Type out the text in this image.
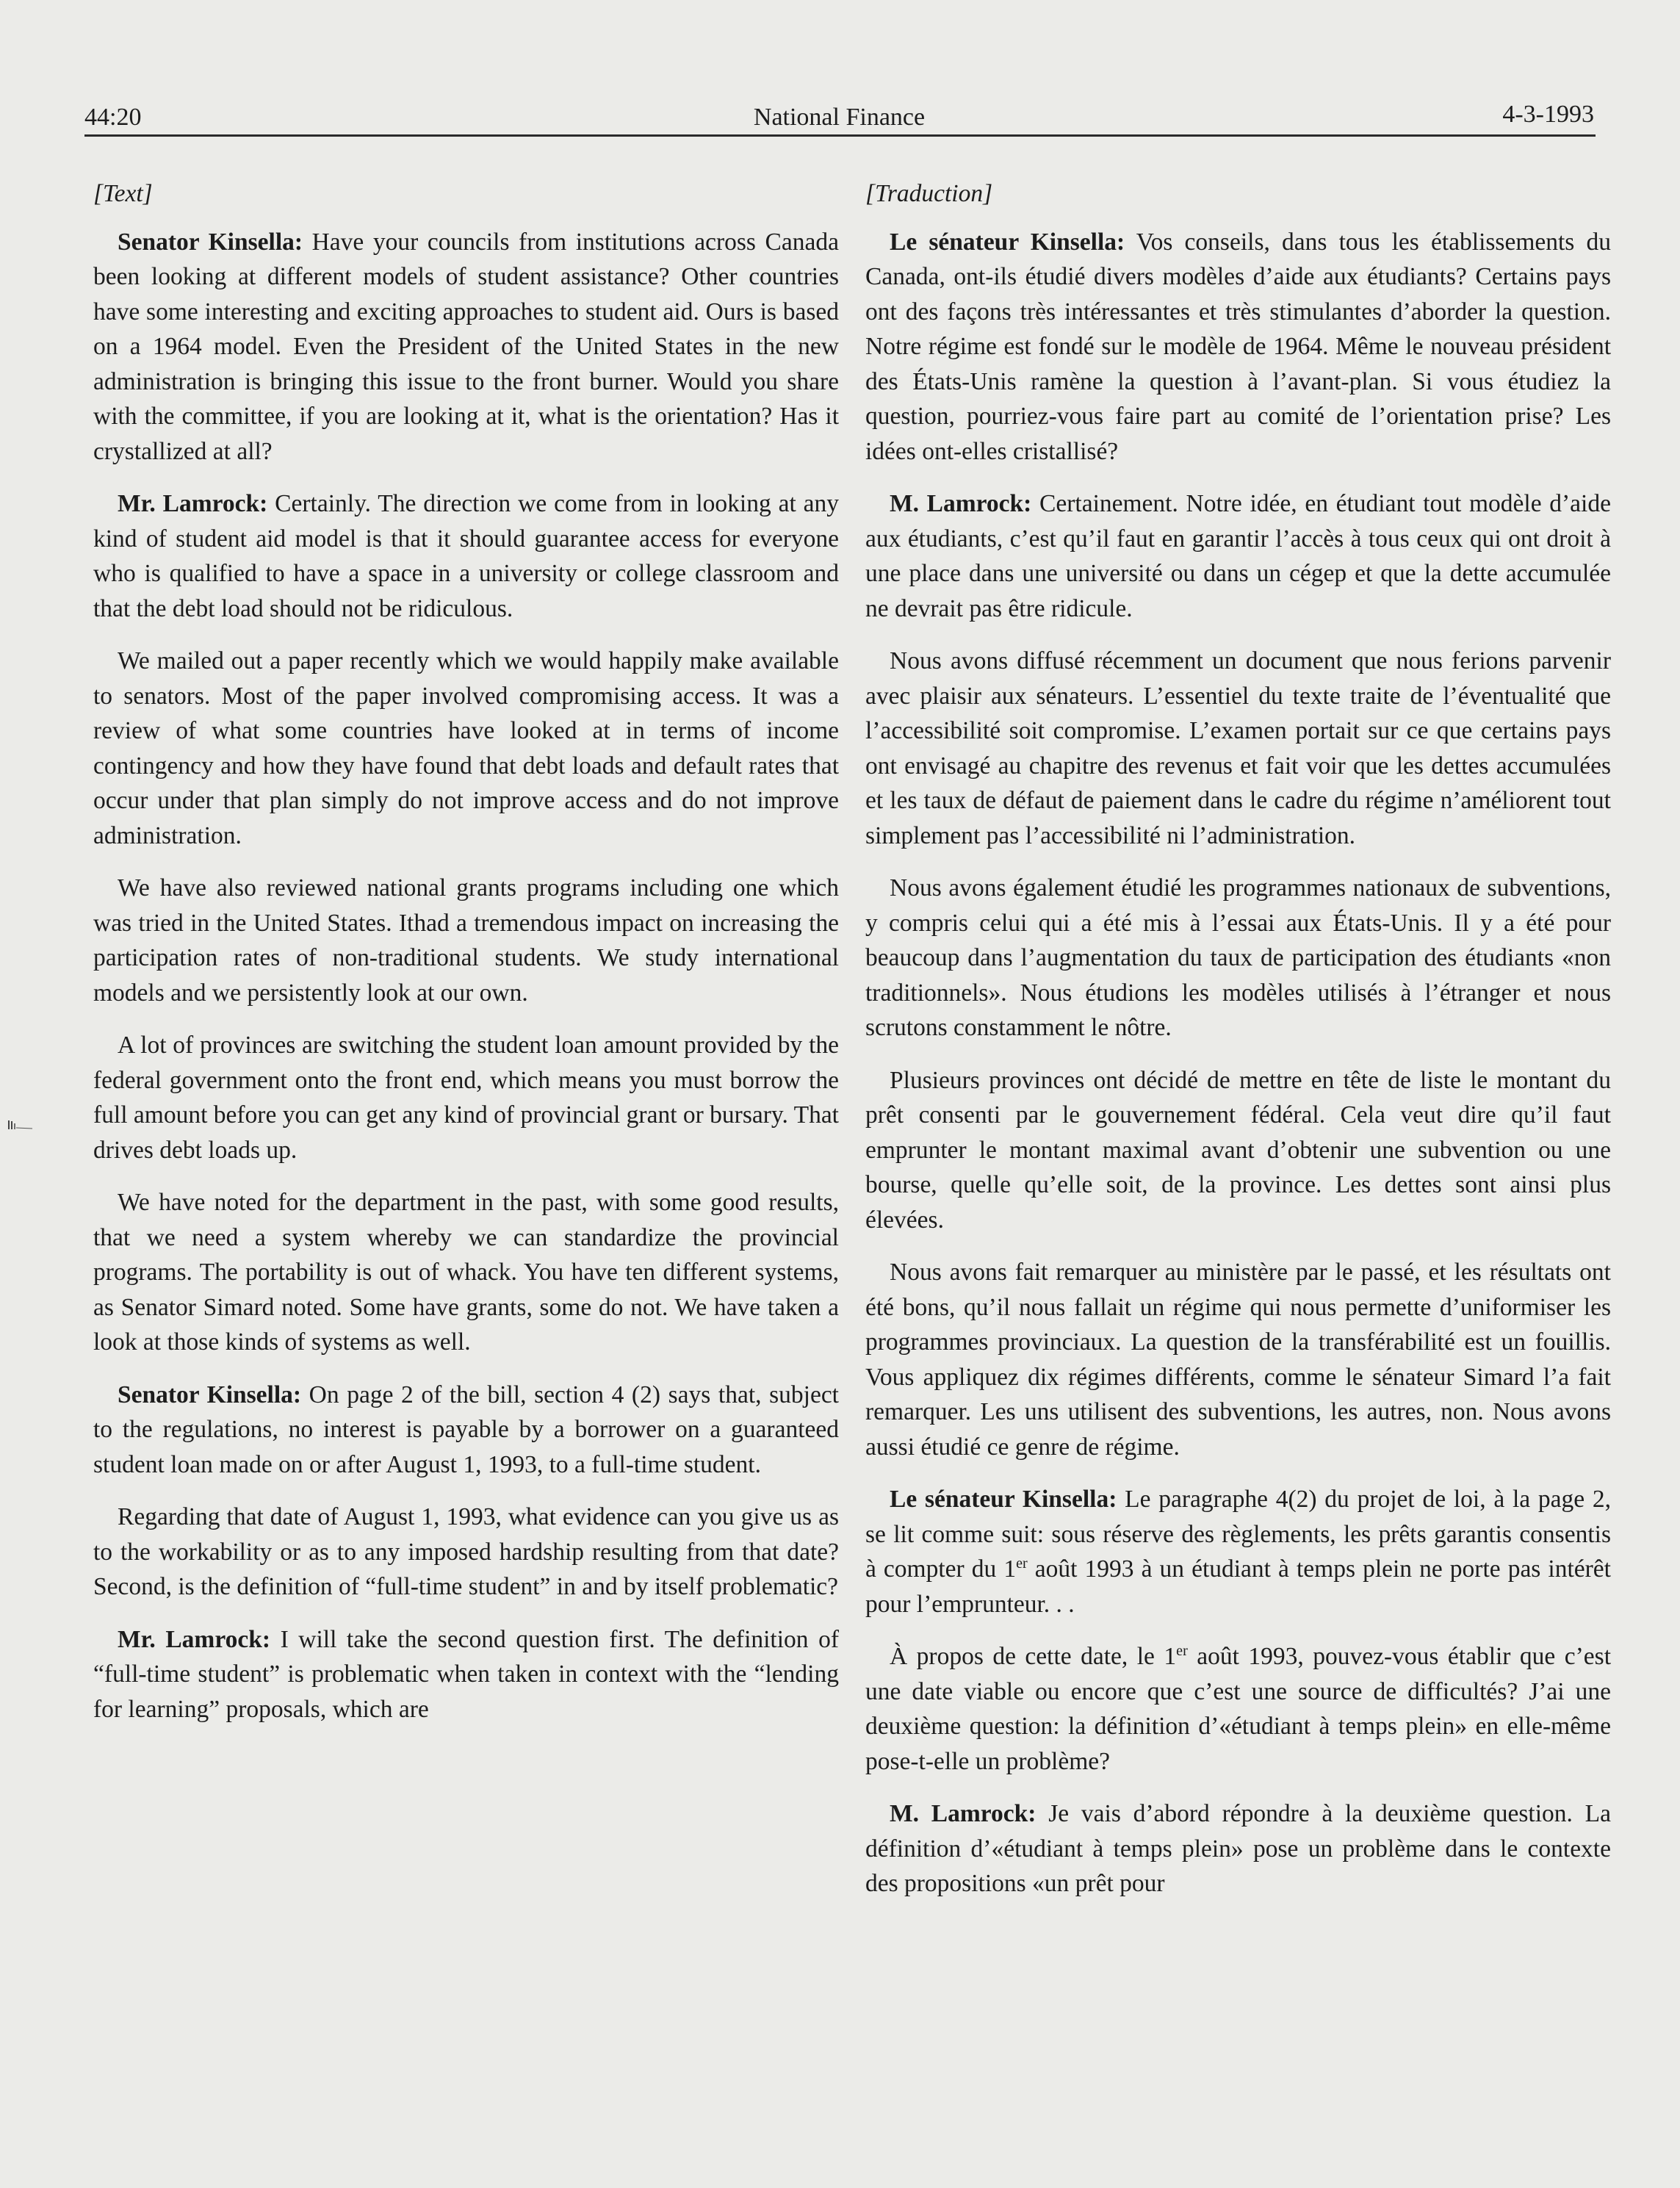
44:20	National Finance	4-3-1993

[Text]

Senator Kinsella: Have your councils from institutions across Canada been looking at different models of student assistance? Other countries have some interesting and exciting approaches to student aid. Ours is based on a 1964 model. Even the President of the United States in the new administration is bringing this issue to the front burner. Would you share with the committee, if you are looking at it, what is the orientation? Has it crystallized at all?

Mr. Lamrock: Certainly. The direction we come from in looking at any kind of student aid model is that it should guarantee access for everyone who is qualified to have a space in a university or college classroom and that the debt load should not be ridiculous.

We mailed out a paper recently which we would happily make available to senators. Most of the paper involved compromising access. It was a review of what some countries have looked at in terms of income contingency and how they have found that debt loads and default rates that occur under that plan simply do not improve access and do not improve administration.

We have also reviewed national grants programs including one which was tried in the United States. Ithad a tremendous impact on increasing the participation rates of non-traditional students. We study international models and we persistently look at our own.

A lot of provinces are switching the student loan amount provided by the federal government onto the front end, which means you must borrow the full amount before you can get any kind of provincial grant or bursary. That drives debt loads up.

We have noted for the department in the past, with some good results, that we need a system whereby we can standardize the provincial programs. The portability is out of whack. You have ten different systems, as Senator Simard noted. Some have grants, some do not. We have taken a look at those kinds of systems as well.

Senator Kinsella: On page 2 of the bill, section 4 (2) says that, subject to the regulations, no interest is payable by a borrower on a guaranteed student loan made on or after August 1, 1993, to a full-time student.

Regarding that date of August 1, 1993, what evidence can you give us as to the workability or as to any imposed hardship resulting from that date? Second, is the definition of “full-time student” in and by itself problematic?

Mr. Lamrock: I will take the second question first. The definition of “full-time student” is problematic when taken in context with the “lending for learning” proposals, which are

[Traduction]

Le sénateur Kinsella: Vos conseils, dans tous les établissements du Canada, ont-ils étudié divers modèles d’aide aux étudiants? Certains pays ont des façons très intéressantes et très stimulantes d’aborder la question. Notre régime est fondé sur le modèle de 1964. Même le nouveau président des États-Unis ramène la question à l’avant-plan. Si vous étudiez la question, pourriez-vous faire part au comité de l’orientation prise? Les idées ont-elles cristallisé?

M. Lamrock: Certainement. Notre idée, en étudiant tout modèle d’aide aux étudiants, c’est qu’il faut en garantir l’accès à tous ceux qui ont droit à une place dans une université ou dans un cégep et que la dette accumulée ne devrait pas être ridicule.

Nous avons diffusé récemment un document que nous ferions parvenir avec plaisir aux sénateurs. L’essentiel du texte traite de l’éventualité que l’accessibilité soit compromise. L’examen portait sur ce que certains pays ont envisagé au chapitre des revenus et fait voir que les dettes accumulées et les taux de défaut de paiement dans le cadre du régime n’améliorent tout simplement pas l’accessibilité ni l’administration.

Nous avons également étudié les programmes nationaux de subventions, y compris celui qui a été mis à l’essai aux États-Unis. Il y a été pour beaucoup dans l’augmentation du taux de participation des étudiants «non traditionnels». Nous étudions les modèles utilisés à l’étranger et nous scrutons constamment le nôtre.

Plusieurs provinces ont décidé de mettre en tête de liste le montant du prêt consenti par le gouvernement fédéral. Cela veut dire qu’il faut emprunter le montant maximal avant d’obtenir une subvention ou une bourse, quelle qu’elle soit, de la province. Les dettes sont ainsi plus élevées.

Nous avons fait remarquer au ministère par le passé, et les résultats ont été bons, qu’il nous fallait un régime qui nous permette d’uniformiser les programmes provinciaux. La question de la transférabilité est un fouillis. Vous appliquez dix régimes différents, comme le sénateur Simard l’a fait remarquer. Les uns utilisent des subventions, les autres, non. Nous avons aussi étudié ce genre de régime.

Le sénateur Kinsella: Le paragraphe 4(2) du projet de loi, à la page 2, se lit comme suit: sous réserve des règlements, les prêts garantis consentis à compter du 1er août 1993 à un étudiant à temps plein ne porte pas intérêt pour l’emprunteur. . .

À propos de cette date, le 1er août 1993, pouvez-vous établir que c’est une date viable ou encore que c’est une source de difficultés? J’ai une deuxième question: la définition d’«étudiant à temps plein» en elle-même pose-t-elle un problème?

M. Lamrock: Je vais d’abord répondre à la deuxième question. La définition d’«étudiant à temps plein» pose un problème dans le contexte des propositions «un prêt pour
